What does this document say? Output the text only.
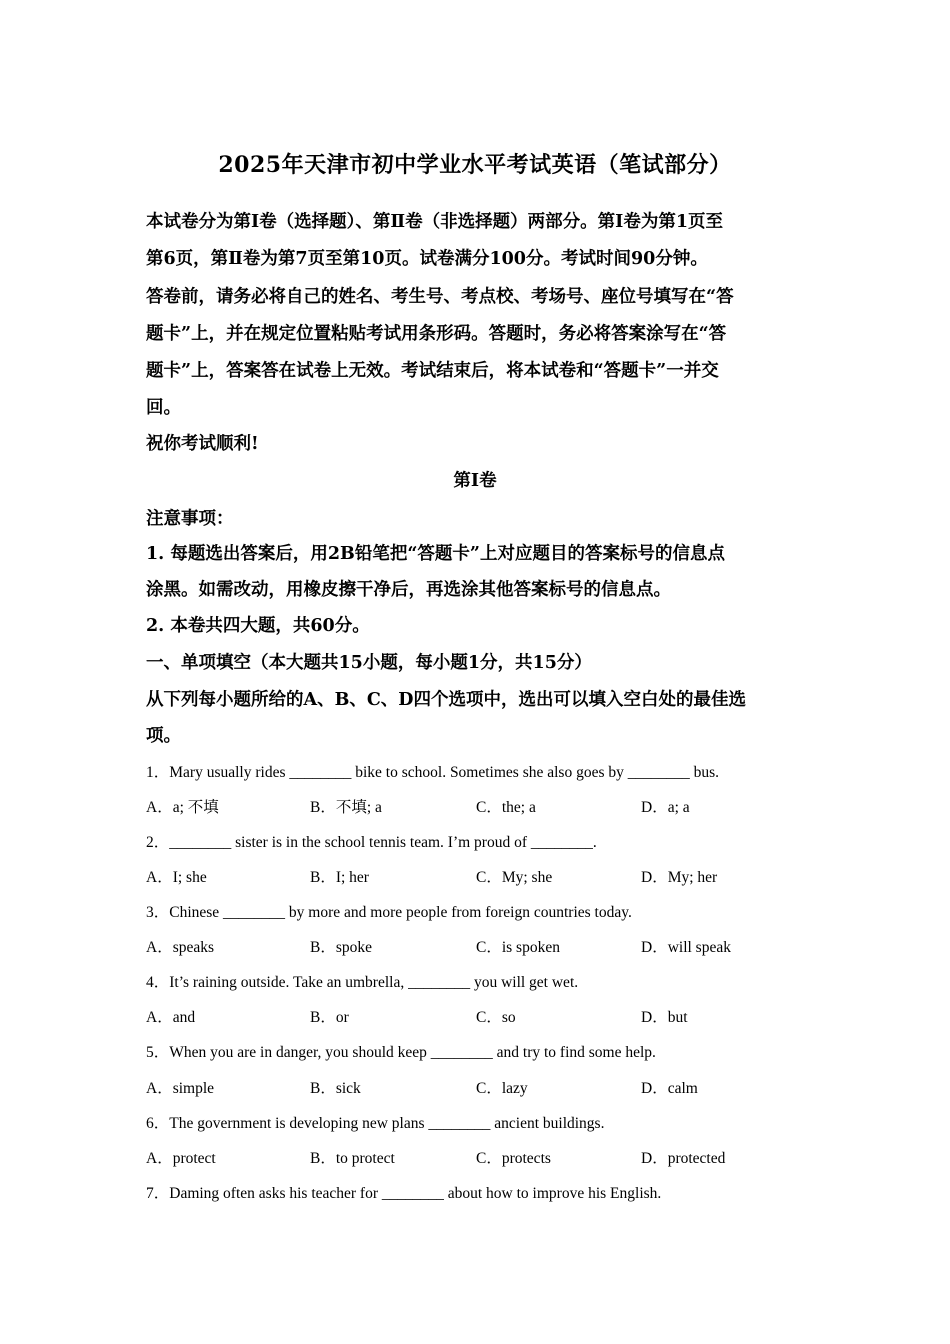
2025年天津市初中学业水平考试英语（笔试部分）
本试卷分为第Ⅰ卷（选择题）、第Ⅱ卷（非选择题）两部分。第Ⅰ卷为第1页至
第6页，第Ⅱ卷为第7页至第10页。试卷满分100分。考试时间90分钟。
答卷前，请务必将自己的姓名、考生号、考点校、考场号、座位号填写在“答
题卡”上，并在规定位置粘贴考试用条形码。答题时，务必将答案涂写在“答
题卡”上，答案答在试卷上无效。考试结束后，将本试卷和“答题卡”一并交
回。
祝你考试顺利!
第Ⅰ卷
注意事项：
1. 每题选出答案后，用2B铅笔把“答题卡”上对应题目的答案标号的信息点
涂黑。如需改动，用橡皮擦干净后，再选涂其他答案标号的信息点。
2. 本卷共四大题，共60分。
一、单项填空（本大题共15小题，每小题1分，共15分）
从下列每小题所给的A、B、C、D四个选项中，选出可以填入空白处的最佳选
项。
1．Mary usually rides ________ bike to school. Sometimes she also goes by ________ bus.
A．a; 不填	B．不填; a	C．the; a	D．a; a
2．________ sister is in the school tennis team. I’m proud of ________.
A．I; she	B．I; her	C．My; she	D．My; her
3．Chinese ________ by more and more people from foreign countries today.
A．speaks	B．spoke	C．is spoken	D．will speak
4．It’s raining outside. Take an umbrella, ________ you will get wet.
A．and	B．or	C．so	D．but
5．When you are in danger, you should keep ________ and try to find some help.
A．simple	B．sick	C．lazy	D．calm
6．The government is developing new plans ________ ancient buildings.
A．protect	B．to protect	C．protects	D．protected
7．Daming often asks his teacher for ________ about how to improve his English.
